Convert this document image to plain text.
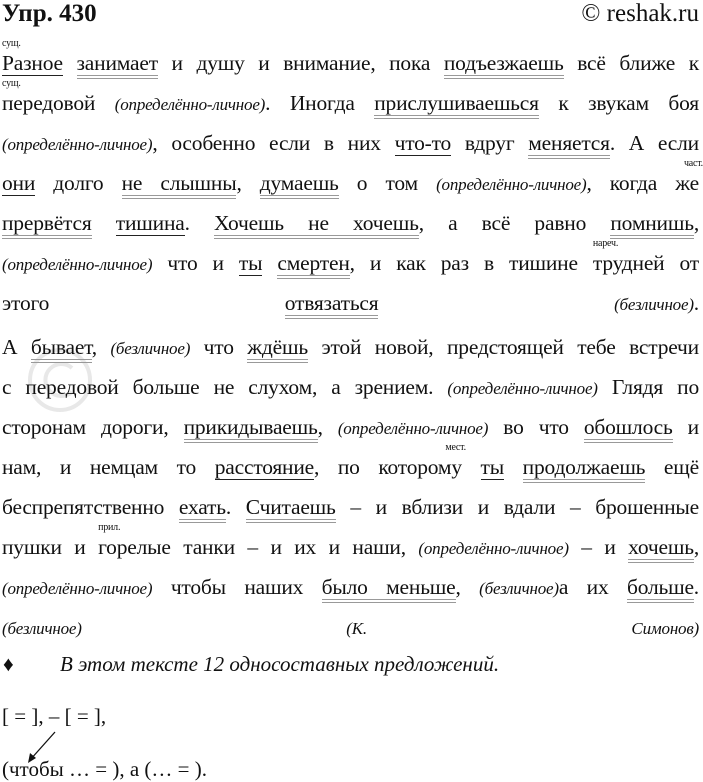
Упр. 430	© reshak.ru
Разное
сущ.
занимает и душу и внимание, пока подъезжаешь всё ближе к
передовой
сущ.
(определённо-личное). Иногда прислушиваешься к звукам боя
(определённо-личное), особенно если в них что-то вдруг меняется. А если
они долго не слышны, думаешь о том (определённо-личное), когда же
част.
прервётся тишина. Хочешь не хочешь, а всё равно помнишь,
(определённо-личное) что и ты смертен, и как раз в тишине трудней
нареч.
от
этого отвязаться	(безличное).
А бывает, (безличное) что ждёшь этой новой, предстоящей тебе встречи
с передовой больше не слухом, а зрением. (определённо-личное) Глядя по
сторонам дороги, прикидываешь, (определённо-личное) во что обошлось и
нам, и немцам то расстояние, по которому
мест.
ты продолжаешь ещё
беспрепятственно ехать. Считаешь – и вблизи и вдали – брошенные
пушки и горелые
прил.
танки – и их и наши, (определённо-личное) – и хочешь,
(определённо-личное) чтобы наших было меньше, (безличное)а их больше.
(безличное) (К. Симонов)
♦ В этом тексте 12 односоставных предложений.
[ = ], – [ = ],
(чтобы … = ), а (… = ).
